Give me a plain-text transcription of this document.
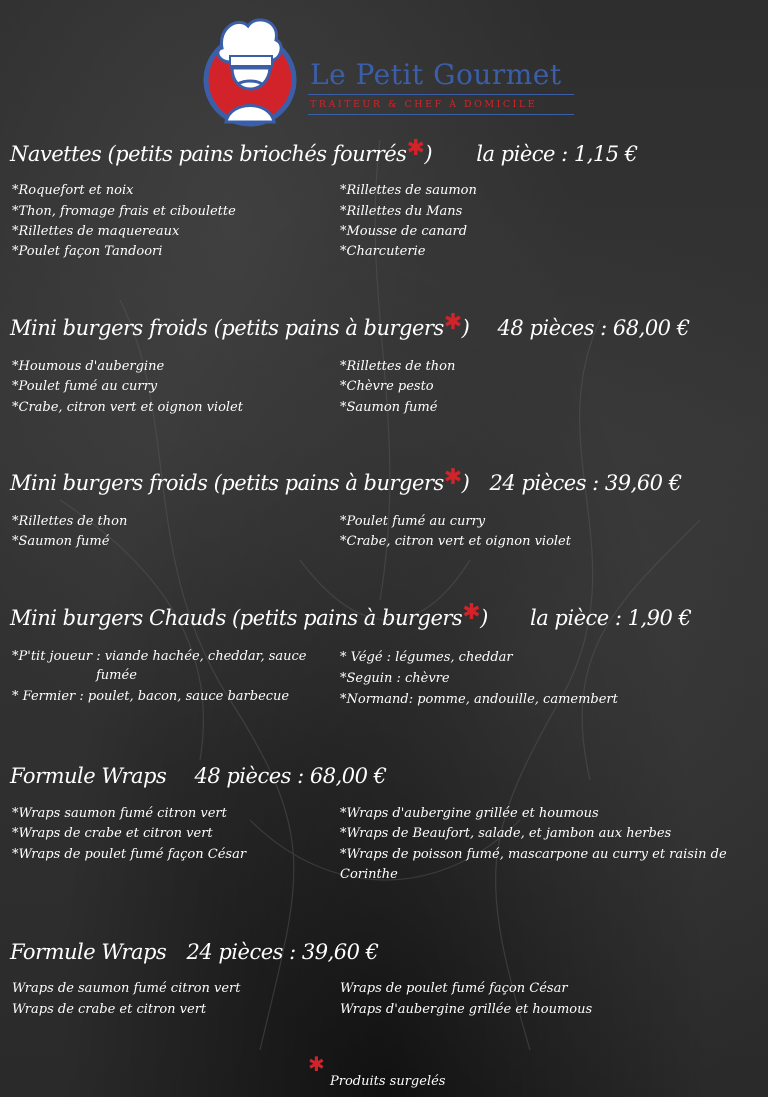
Le Petit Gourmet
TRAITEUR & CHEF À DOMICILE
Navettes (petits pains briochés fourrés✱) la pièce : 1,15 €
*Roquefort et noix
*Thon, fromage frais et ciboulette
*Rillettes de maquereaux
*Poulet façon Tandoori
*Rillettes de saumon
*Rillettes du Mans
*Mousse de canard
*Charcuterie
Mini burgers froids (petits pains à burgers✱) 48 pièces : 68,00 €
*Houmous d'aubergine
*Poulet fumé au curry
*Crabe, citron vert et oignon violet
*Rillettes de thon
*Chèvre pesto
*Saumon fumé
Mini burgers froids (petits pains à burgers✱) 24 pièces : 39,60 €
*Rillettes de thon
*Saumon fumé
*Poulet fumé au curry
*Crabe, citron vert et oignon violet
Mini burgers Chauds (petits pains à burgers✱) la pièce : 1,90 €
*P'tit joueur : viande hachée, cheddar, sauce
fumée
* Fermier : poulet, bacon, sauce barbecue
* Végé : légumes, cheddar
*Seguin : chèvre
*Normand: pomme, andouille, camembert
Formule Wraps 48 pièces : 68,00 €
*Wraps saumon fumé citron vert
*Wraps de crabe et citron vert
*Wraps de poulet fumé façon César
*Wraps d'aubergine grillée et houmous
*Wraps de Beaufort, salade, et jambon aux herbes
*Wraps de poisson fumé, mascarpone au curry et raisin de
Corinthe
Formule Wraps 24 pièces : 39,60 €
Wraps de saumon fumé citron vert
Wraps de crabe et citron vert
Wraps de poulet fumé façon César
Wraps d'aubergine grillée et houmous
✱
Produits surgelés
